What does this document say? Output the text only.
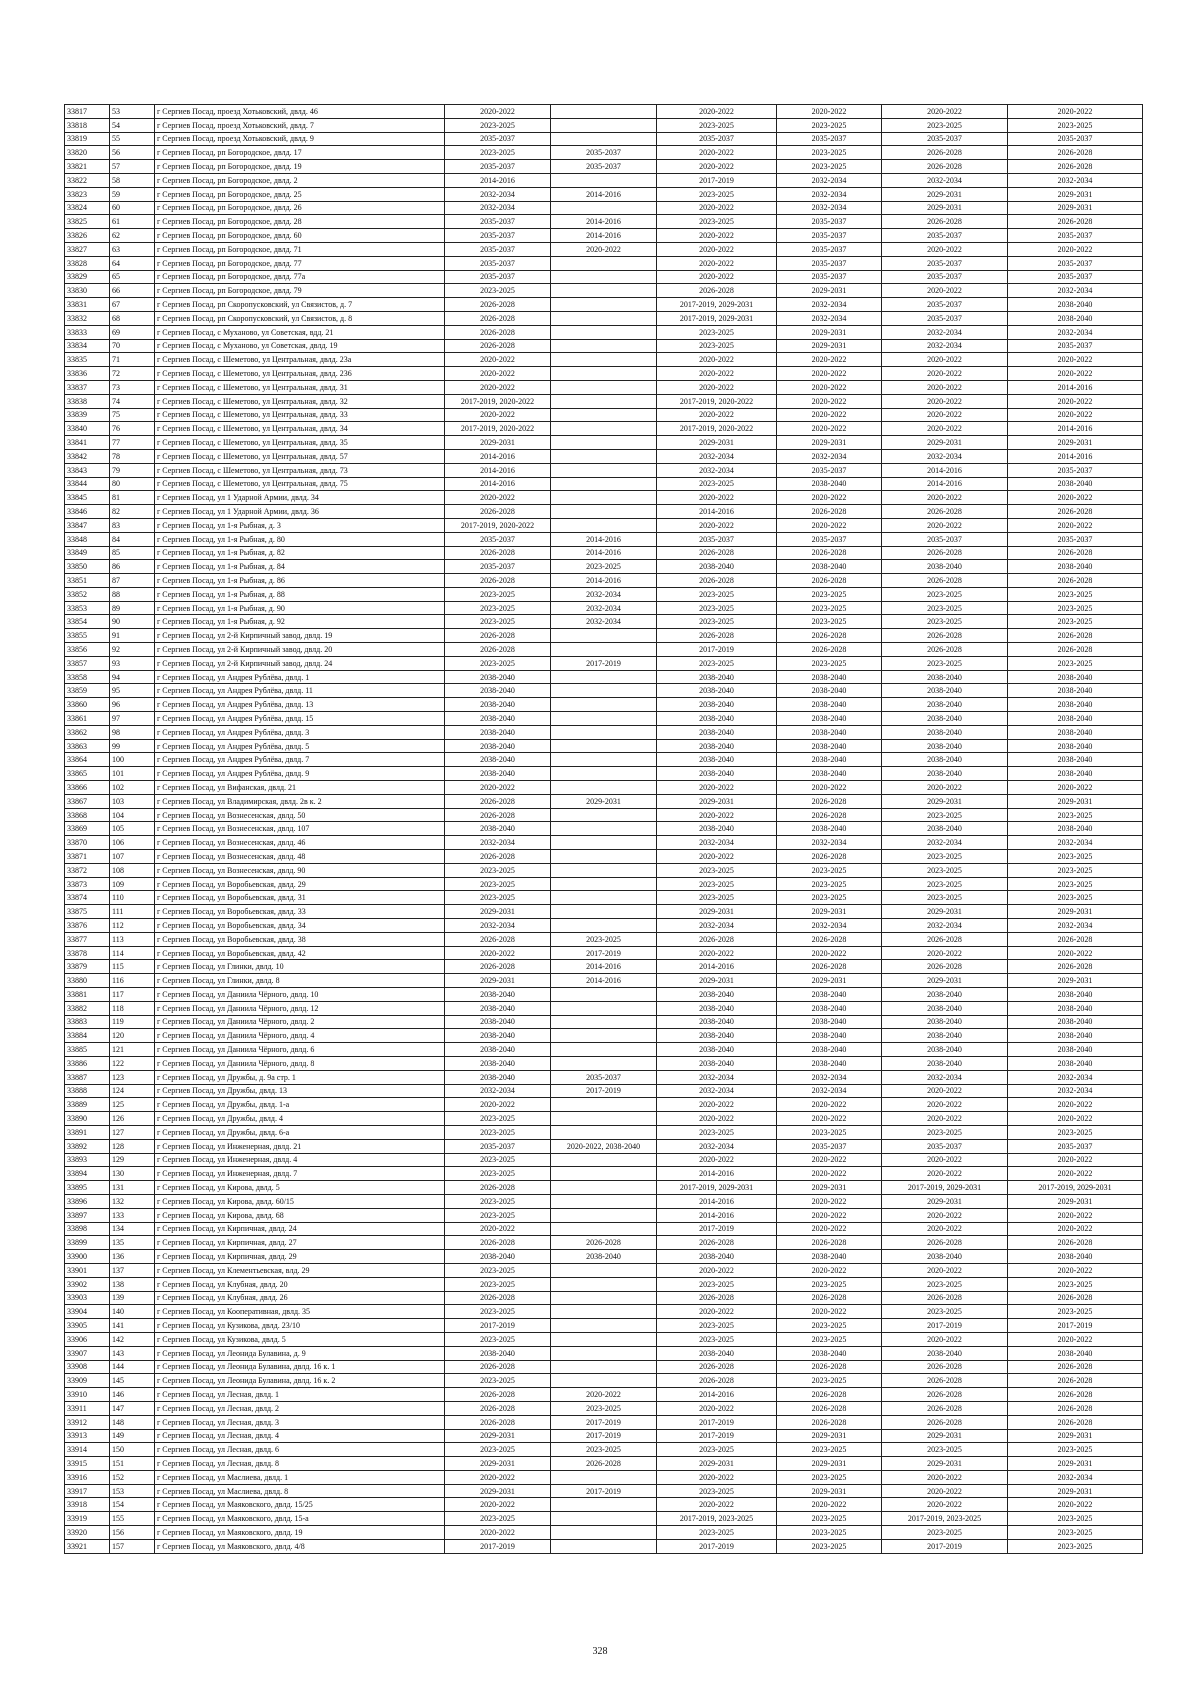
33817	53	г Сергиев Посад, проезд Хотьковский, двлд. 46	2020-2022		2020-2022	2020-2022	2020-2022	2020-2022
33818	54	г Сергиев Посад, проезд Хотьковский, двлд. 7	2023-2025		2023-2025	2023-2025	2023-2025	2023-2025
33819	55	г Сергиев Посад, проезд Хотьковский, двлд. 9	2035-2037		2035-2037	2035-2037	2035-2037	2035-2037
33820	56	г Сергиев Посад, рп Богородское, двлд. 17	2023-2025	2035-2037	2020-2022	2023-2025	2026-2028	2026-2028
33821	57	г Сергиев Посад, рп Богородское, двлд. 19	2035-2037	2035-2037	2020-2022	2023-2025	2026-2028	2026-2028
33822	58	г Сергиев Посад, рп Богородское, двлд. 2	2014-2016		2017-2019	2032-2034	2032-2034	2032-2034
33823	59	г Сергиев Посад, рп Богородское, двлд. 25	2032-2034	2014-2016	2023-2025	2032-2034	2029-2031	2029-2031
33824	60	г Сергиев Посад, рп Богородское, двлд. 26	2032-2034		2020-2022	2032-2034	2029-2031	2029-2031
33825	61	г Сергиев Посад, рп Богородское, двлд. 28	2035-2037	2014-2016	2023-2025	2035-2037	2026-2028	2026-2028
33826	62	г Сергиев Посад, рп Богородское, двлд. 60	2035-2037	2014-2016	2020-2022	2035-2037	2035-2037	2035-2037
33827	63	г Сергиев Посад, рп Богородское, двлд. 71	2035-2037	2020-2022	2020-2022	2035-2037	2020-2022	2020-2022
33828	64	г Сергиев Посад, рп Богородское, двлд. 77	2035-2037		2020-2022	2035-2037	2035-2037	2035-2037
33829	65	г Сергиев Посад, рп Богородское, двлд. 77а	2035-2037		2020-2022	2035-2037	2035-2037	2035-2037
33830	66	г Сергиев Посад, рп Богородское, двлд. 79	2023-2025		2026-2028	2029-2031	2020-2022	2032-2034
33831	67	г Сергиев Посад, рп Скоропусковский, ул Связистов, д. 7	2026-2028		2017-2019, 2029-2031	2032-2034	2035-2037	2038-2040
33832	68	г Сергиев Посад, рп Скоропусковский, ул Связистов, д. 8	2026-2028		2017-2019, 2029-2031	2032-2034	2035-2037	2038-2040
33833	69	г Сергиев Посад, с Муханово, ул Советская, вдд. 21	2026-2028		2023-2025	2029-2031	2032-2034	2032-2034
33834	70	г Сергиев Посад, с Муханово, ул Советская, двлд. 19	2026-2028		2023-2025	2029-2031	2032-2034	2035-2037
33835	71	г Сергиев Посад, с Шеметово, ул Центральная, двлд. 23а	2020-2022		2020-2022	2020-2022	2020-2022	2020-2022
33836	72	г Сергиев Посад, с Шеметово, ул Центральная, двлд. 236	2020-2022		2020-2022	2020-2022	2020-2022	2020-2022
33837	73	г Сергиев Посад, с Шеметово, ул Центральная, двлд. 31	2020-2022		2020-2022	2020-2022	2020-2022	2014-2016
33838	74	г Сергиев Посад, с Шеметово, ул Центральная, двлд. 32	2017-2019, 2020-2022		2017-2019, 2020-2022	2020-2022	2020-2022	2020-2022
33839	75	г Сергиев Посад, с Шеметово, ул Центральная, двлд. 33	2020-2022		2020-2022	2020-2022	2020-2022	2020-2022
33840	76	г Сергиев Посад, с Шеметово, ул Центральная, двлд. 34	2017-2019, 2020-2022		2017-2019, 2020-2022	2020-2022	2020-2022	2014-2016
33841	77	г Сергиев Посад, с Шеметово, ул Центральная, двлд. 35	2029-2031		2029-2031	2029-2031	2029-2031	2029-2031
33842	78	г Сергиев Посад, с Шеметово, ул Центральная, двлд. 57	2014-2016		2032-2034	2032-2034	2032-2034	2014-2016
33843	79	г Сергиев Посад, с Шеметово, ул Центральная, двлд. 73	2014-2016		2032-2034	2035-2037	2014-2016	2035-2037
33844	80	г Сергиев Посад, с Шеметово, ул Центральная, двлд. 75	2014-2016		2023-2025	2038-2040	2014-2016	2038-2040
33845	81	г Сергиев Посад, ул 1 Ударной Армии, двлд. 34	2020-2022		2020-2022	2020-2022	2020-2022	2020-2022
33846	82	г Сергиев Посад, ул 1 Ударной Армии, двлд. 36	2026-2028		2014-2016	2026-2028	2026-2028	2026-2028
33847	83	г Сергиев Посад, ул 1-я Рыбная, д. 3	2017-2019, 2020-2022		2020-2022	2020-2022	2020-2022	2020-2022
33848	84	г Сергиев Посад, ул 1-я Рыбная, д. 80	2035-2037	2014-2016	2035-2037	2035-2037	2035-2037	2035-2037
33849	85	г Сергиев Посад, ул 1-я Рыбная, д. 82	2026-2028	2014-2016	2026-2028	2026-2028	2026-2028	2026-2028
33850	86	г Сергиев Посад, ул 1-я Рыбная, д. 84	2035-2037	2023-2025	2038-2040	2038-2040	2038-2040	2038-2040
33851	87	г Сергиев Посад, ул 1-я Рыбная, д. 86	2026-2028	2014-2016	2026-2028	2026-2028	2026-2028	2026-2028
33852	88	г Сергиев Посад, ул 1-я Рыбная, д. 88	2023-2025	2032-2034	2023-2025	2023-2025	2023-2025	2023-2025
33853	89	г Сергиев Посад, ул 1-я Рыбная, д. 90	2023-2025	2032-2034	2023-2025	2023-2025	2023-2025	2023-2025
33854	90	г Сергиев Посад, ул 1-я Рыбная, д. 92	2023-2025	2032-2034	2023-2025	2023-2025	2023-2025	2023-2025
33855	91	г Сергиев Посад, ул 2-й Кирпичный завод, двлд. 19	2026-2028		2026-2028	2026-2028	2026-2028	2026-2028
33856	92	г Сергиев Посад, ул 2-й Кирпичный завод, двлд. 20	2026-2028		2017-2019	2026-2028	2026-2028	2026-2028
33857	93	г Сергиев Посад, ул 2-й Кирпичный завод, двлд. 24	2023-2025	2017-2019	2023-2025	2023-2025	2023-2025	2023-2025
33858	94	г Сергиев Посад, ул Андрея Рублёва, двлд. 1	2038-2040		2038-2040	2038-2040	2038-2040	2038-2040
33859	95	г Сергиев Посад, ул Андрея Рублёва, двлд. 11	2038-2040		2038-2040	2038-2040	2038-2040	2038-2040
33860	96	г Сергиев Посад, ул Андрея Рублёва, двлд. 13	2038-2040		2038-2040	2038-2040	2038-2040	2038-2040
33861	97	г Сергиев Посад, ул Андрея Рублёва, двлд. 15	2038-2040		2038-2040	2038-2040	2038-2040	2038-2040
33862	98	г Сергиев Посад, ул Андрея Рублёва, двлд. 3	2038-2040		2038-2040	2038-2040	2038-2040	2038-2040
33863	99	г Сергиев Посад, ул Андрея Рублёва, двлд. 5	2038-2040		2038-2040	2038-2040	2038-2040	2038-2040
33864	100	г Сергиев Посад, ул Андрея Рублёва, двлд. 7	2038-2040		2038-2040	2038-2040	2038-2040	2038-2040
33865	101	г Сергиев Посад, ул Андрея Рублёва, двлд. 9	2038-2040		2038-2040	2038-2040	2038-2040	2038-2040
33866	102	г Сергиев Посад, ул Вифанская, двлд. 21	2020-2022		2020-2022	2020-2022	2020-2022	2020-2022
33867	103	г Сергиев Посад, ул Владимирская, двлд. 2в к. 2	2026-2028	2029-2031	2029-2031	2026-2028	2029-2031	2029-2031
33868	104	г Сергиев Посад, ул Вознесенская, двлд. 50	2026-2028		2020-2022	2026-2028	2023-2025	2023-2025
33869	105	г Сергиев Посад, ул Вознесенская, двлд. 107	2038-2040		2038-2040	2038-2040	2038-2040	2038-2040
33870	106	г Сергиев Посад, ул Вознесенская, двлд. 46	2032-2034		2032-2034	2032-2034	2032-2034	2032-2034
33871	107	г Сергиев Посад, ул Вознесенская, двлд. 48	2026-2028		2020-2022	2026-2028	2023-2025	2023-2025
33872	108	г Сергиев Посад, ул Вознесенская, двлд. 90	2023-2025		2023-2025	2023-2025	2023-2025	2023-2025
33873	109	г Сергиев Посад, ул Воробьевская, двлд. 29	2023-2025		2023-2025	2023-2025	2023-2025	2023-2025
33874	110	г Сергиев Посад, ул Воробьевская, двлд. 31	2023-2025		2023-2025	2023-2025	2023-2025	2023-2025
33875	111	г Сергиев Посад, ул Воробьевская, двлд. 33	2029-2031		2029-2031	2029-2031	2029-2031	2029-2031
33876	112	г Сергиев Посад, ул Воробьевская, двлд. 34	2032-2034		2032-2034	2032-2034	2032-2034	2032-2034
33877	113	г Сергиев Посад, ул Воробьевская, двлд. 38	2026-2028	2023-2025	2026-2028	2026-2028	2026-2028	2026-2028
33878	114	г Сергиев Посад, ул Воробьевская, двлд. 42	2020-2022	2017-2019	2020-2022	2020-2022	2020-2022	2020-2022
33879	115	г Сергиев Посад, ул Глинки, двлд. 10	2026-2028	2014-2016	2014-2016	2026-2028	2026-2028	2026-2028
33880	116	г Сергиев Посад, ул Глинки, двлд. 8	2029-2031	2014-2016	2029-2031	2029-2031	2029-2031	2029-2031
33881	117	г Сергиев Посад, ул Даниила Чёрного, двлд. 10	2038-2040		2038-2040	2038-2040	2038-2040	2038-2040
33882	118	г Сергиев Посад, ул Даниила Чёрного, двлд. 12	2038-2040		2038-2040	2038-2040	2038-2040	2038-2040
33883	119	г Сергиев Посад, ул Даниила Чёрного, двлд. 2	2038-2040		2038-2040	2038-2040	2038-2040	2038-2040
33884	120	г Сергиев Посад, ул Даниила Чёрного, двлд. 4	2038-2040		2038-2040	2038-2040	2038-2040	2038-2040
33885	121	г Сергиев Посад, ул Даниила Чёрного, двлд. 6	2038-2040		2038-2040	2038-2040	2038-2040	2038-2040
33886	122	г Сергиев Посад, ул Даниила Чёрного, двлд. 8	2038-2040		2038-2040	2038-2040	2038-2040	2038-2040
33887	123	г Сергиев Посад, ул Дружбы, д. 9а стр. 1	2038-2040	2035-2037	2032-2034	2032-2034	2032-2034	2032-2034
33888	124	г Сергиев Посад, ул Дружбы, двлд. 13	2032-2034	2017-2019	2032-2034	2032-2034	2020-2022	2032-2034
33889	125	г Сергиев Посад, ул Дружбы, двлд. 1-а	2020-2022		2020-2022	2020-2022	2020-2022	2020-2022
33890	126	г Сергиев Посад, ул Дружбы, двлд. 4	2023-2025		2020-2022	2020-2022	2020-2022	2020-2022
33891	127	г Сергиев Посад, ул Дружбы, двлд. 6-а	2023-2025		2023-2025	2023-2025	2023-2025	2023-2025
33892	128	г Сергиев Посад, ул Инженерная, двлд. 21	2035-2037	2020-2022, 2038-2040	2032-2034	2035-2037	2035-2037	2035-2037
33893	129	г Сергиев Посад, ул Инженерная, двлд. 4	2023-2025		2020-2022	2020-2022	2020-2022	2020-2022
33894	130	г Сергиев Посад, ул Инженерная, двлд. 7	2023-2025		2014-2016	2020-2022	2020-2022	2020-2022
33895	131	г Сергиев Посад, ул Кирова, двлд. 5	2026-2028		2017-2019, 2029-2031	2029-2031	2017-2019, 2029-2031	2017-2019, 2029-2031
33896	132	г Сергиев Посад, ул Кирова, двлд. 60/15	2023-2025		2014-2016	2020-2022	2029-2031	2029-2031
33897	133	г Сергиев Посад, ул Кирова, двлд. 68	2023-2025		2014-2016	2020-2022	2020-2022	2020-2022
33898	134	г Сергиев Посад, ул Кирпичная, двлд. 24	2020-2022		2017-2019	2020-2022	2020-2022	2020-2022
33899	135	г Сергиев Посад, ул Кирпичная, двлд. 27	2026-2028	2026-2028	2026-2028	2026-2028	2026-2028	2026-2028
33900	136	г Сергиев Посад, ул Кирпичная, двлд. 29	2038-2040	2038-2040	2038-2040	2038-2040	2038-2040	2038-2040
33901	137	г Сергиев Посад, ул Клементьевская, влд. 29	2023-2025		2020-2022	2020-2022	2020-2022	2020-2022
33902	138	г Сергиев Посад, ул Клубная, двлд. 20	2023-2025		2023-2025	2023-2025	2023-2025	2023-2025
33903	139	г Сергиев Посад, ул Клубная, двлд. 26	2026-2028		2026-2028	2026-2028	2026-2028	2026-2028
33904	140	г Сергиев Посад, ул Кооперативная, двлд. 35	2023-2025		2020-2022	2020-2022	2023-2025	2023-2025
33905	141	г Сергиев Посад, ул Кузикова, двлд. 23/10	2017-2019		2023-2025	2023-2025	2017-2019	2017-2019
33906	142	г Сергиев Посад, ул Кузикова, двлд. 5	2023-2025		2023-2025	2023-2025	2020-2022	2020-2022
33907	143	г Сергиев Посад, ул Леонида Булавина, д. 9	2038-2040		2038-2040	2038-2040	2038-2040	2038-2040
33908	144	г Сергиев Посад, ул Леонида Булавина, двлд. 16 к. 1	2026-2028		2026-2028	2026-2028	2026-2028	2026-2028
33909	145	г Сергиев Посад, ул Леонида Булавина, двлд. 16 к. 2	2023-2025		2026-2028	2023-2025	2026-2028	2026-2028
33910	146	г Сергиев Посад, ул Лесная, двлд. 1	2026-2028	2020-2022	2014-2016	2026-2028	2026-2028	2026-2028
33911	147	г Сергиев Посад, ул Лесная, двлд. 2	2026-2028	2023-2025	2020-2022	2026-2028	2026-2028	2026-2028
33912	148	г Сергиев Посад, ул Лесная, двлд. 3	2026-2028	2017-2019	2017-2019	2026-2028	2026-2028	2026-2028
33913	149	г Сергиев Посад, ул Лесная, двлд. 4	2029-2031	2017-2019	2017-2019	2029-2031	2029-2031	2029-2031
33914	150	г Сергиев Посад, ул Лесная, двлд. 6	2023-2025	2023-2025	2023-2025	2023-2025	2023-2025	2023-2025
33915	151	г Сергиев Посад, ул Лесная, двлд. 8	2029-2031	2026-2028	2029-2031	2029-2031	2029-2031	2029-2031
33916	152	г Сергиев Посад, ул Маслиева, двлд. 1	2020-2022		2020-2022	2023-2025	2020-2022	2032-2034
33917	153	г Сергиев Посад, ул Маслиева, двлд. 8	2029-2031	2017-2019	2023-2025	2029-2031	2020-2022	2029-2031
33918	154	г Сергиев Посад, ул Маяковского, двлд. 15/25	2020-2022		2020-2022	2020-2022	2020-2022	2020-2022
33919	155	г Сергиев Посад, ул Маяковского, двлд. 15-а	2023-2025		2017-2019, 2023-2025	2023-2025	2017-2019, 2023-2025	2023-2025
33920	156	г Сергиев Посад, ул Маяковского, двлд. 19	2020-2022		2023-2025	2023-2025	2023-2025	2023-2025
33921	157	г Сергиев Посад, ул Маяковского, двлд. 4/8	2017-2019		2017-2019	2023-2025	2017-2019	2023-2025
328
